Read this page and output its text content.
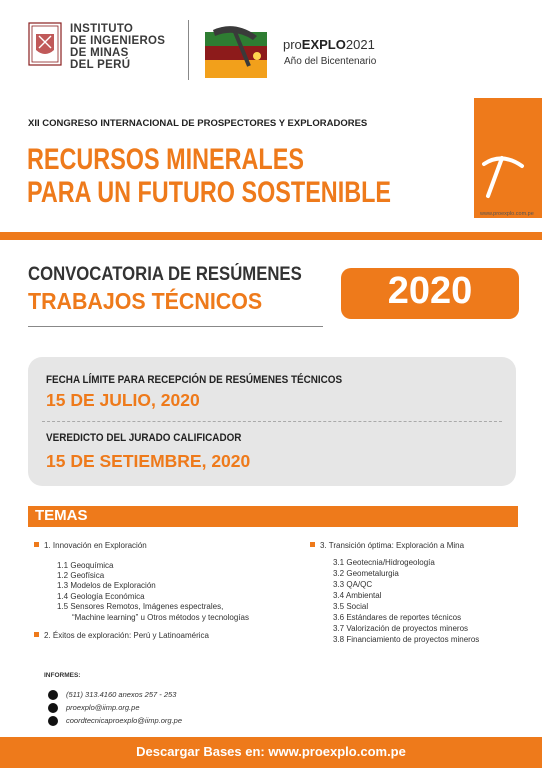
INSTITUTO
DE INGENIEROS
DE MINAS
DEL PERÚ
proEXPLO2021
Año del Bicentenario
XII CONGRESO INTERNACIONAL DE PROSPECTORES Y EXPLORADORES
RECURSOS MINERALES
PARA UN FUTURO SOSTENIBLE
www.proexplo.com.pe
CONVOCATORIA DE RESÚMENES
TRABAJOS TÉCNICOS	2020
FECHA LÍMITE PARA RECEPCIÓN DE RESÚMENES TÉCNICOS
15 DE JULIO, 2020
VEREDICTO DEL JURADO CALIFICADOR
15 DE SETIEMBRE, 2020
TEMAS
1. Innovación en Exploración
1.1 Geoquímica
1.2 Geofísica
1.3 Modelos de Exploración
1.4 Geología Económica
1.5 Sensores Remotos, Imágenes espectrales,
“Machine learning” u Otros métodos y tecnologías
2. Éxitos de exploración: Perú y Latinoamérica
3. Transición óptima: Exploración a Mina
3.1 Geotecnia/Hidrogeología
3.2 Geometalurgia
3.3 QA/QC
3.4 Ambiental
3.5 Social
3.6 Estándares de reportes técnicos
3.7 Valorización de proyectos mineros
3.8 Financiamiento de proyectos mineros
INFORMES:
(511) 313.4160 anexos 257 - 253
proexplo@iimp.org.pe
coordtecnicaproexplo@iimp.org.pe
Descargar Bases en: www.proexplo.com.pe
